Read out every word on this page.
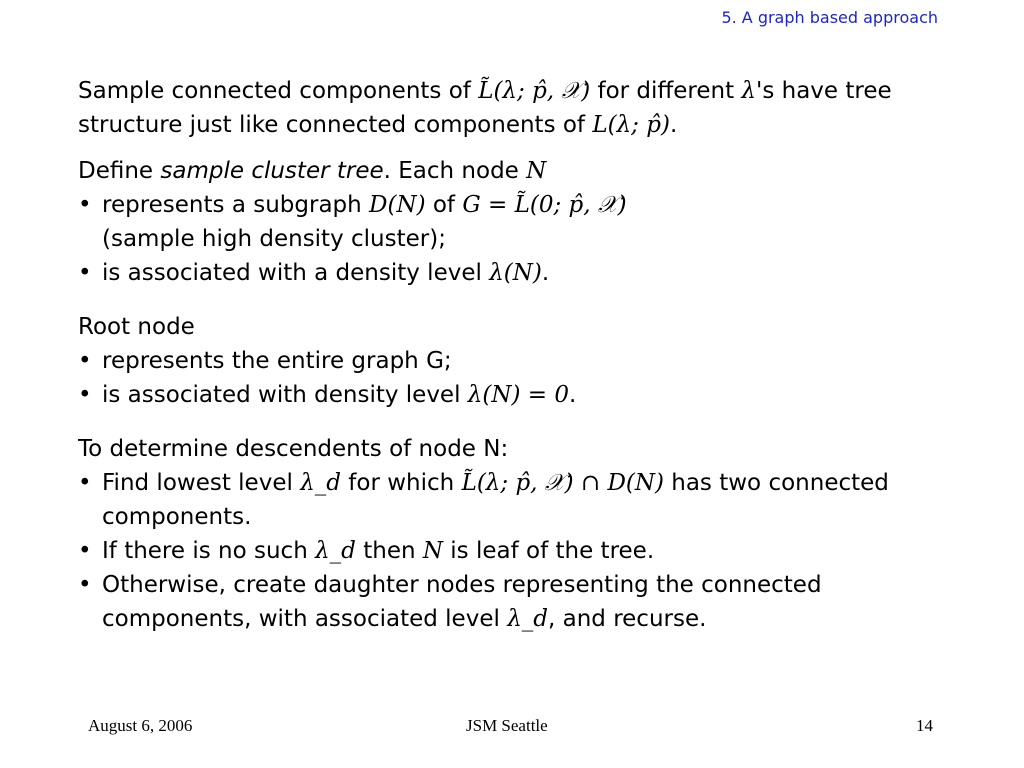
5. A graph based approach

Sample connected components of L̃(λ; p̂, 𝒳) for different λ's have tree

structure just like connected components of L(λ; p̂).

Define sample cluster tree. Each node N

• represents a subgraph D(N) of G = L̃(0; p̂, 𝒳)

(sample high density cluster);

• is associated with a density level λ(N).

Root node

• represents the entire graph G;

• is associated with density level λ(N) = 0.

To determine descendents of node N:

• Find lowest level λ_d for which L̃(λ; p̂, 𝒳) ∩ D(N) has two connected

components.

• If there is no such λ_d then N is leaf of the tree.

• Otherwise, create daughter nodes representing the connected

components, with associated level λ_d, and recurse.

August 6, 2006	JSM Seattle	14
